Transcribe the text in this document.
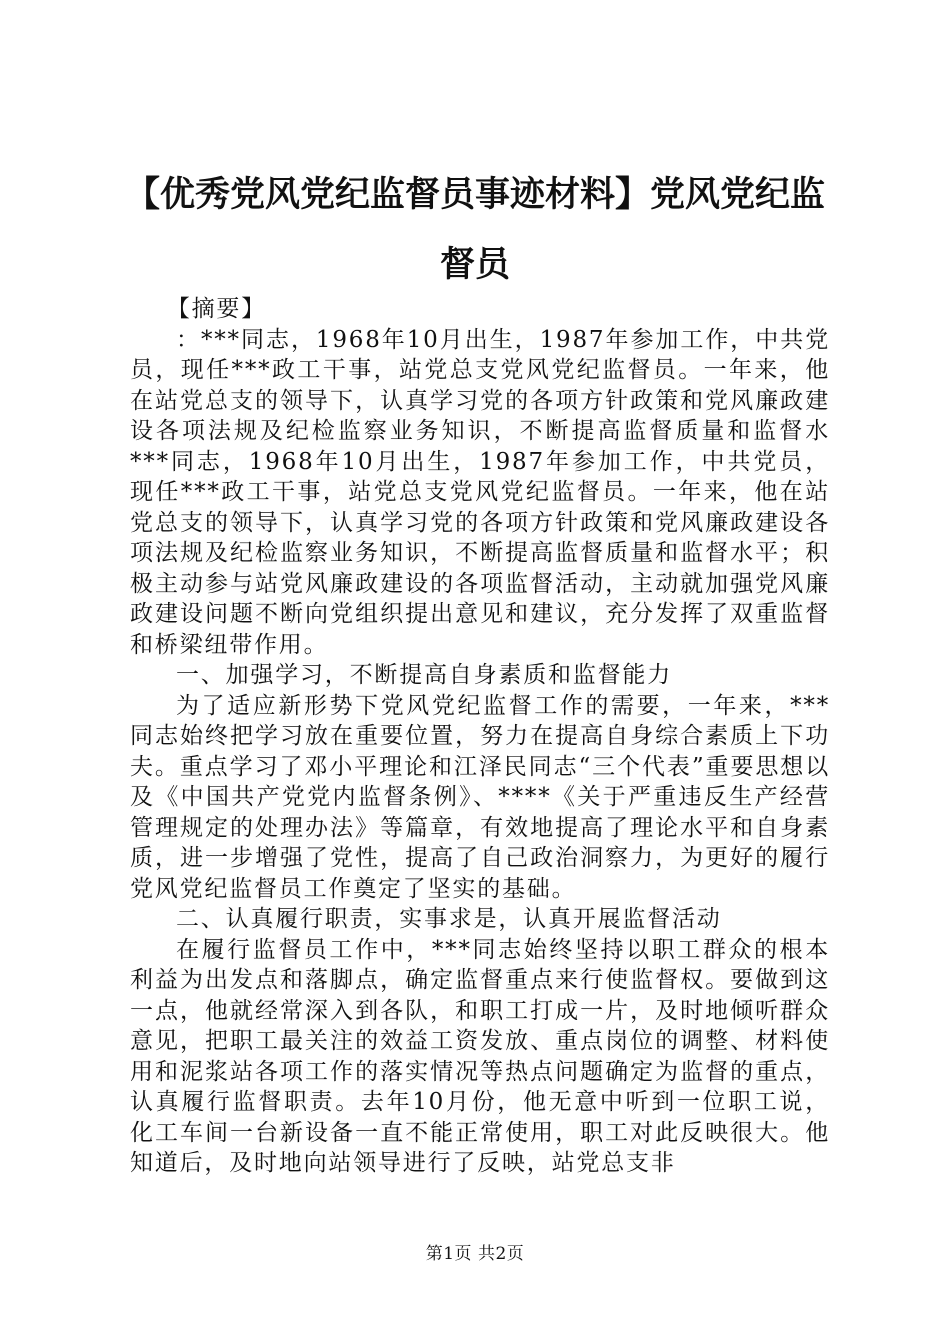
【优秀党风党纪监督员事迹材料】党风党纪监督员

【摘要】

：***同志，1968年10月出生，1987年参加工作，中共党员，现任***政工干事，站党总支党风党纪监督员。一年来，他在站党总支的领导下，认真学习党的各项方针政策和党风廉政建设各项法规及纪检监察业务知识，不断提高监督质量和监督水***同志，1968年10月出生，1987年参加工作，中共党员，现任***政工干事，站党总支党风党纪监督员。一年来，他在站党总支的领导下，认真学习党的各项方针政策和党风廉政建设各项法规及纪检监察业务知识，不断提高监督质量和监督水平；积极主动参与站党风廉政建设的各项监督活动，主动就加强党风廉政建设问题不断向党组织提出意见和建议，充分发挥了双重监督和桥梁纽带作用。

一、加强学习，不断提高自身素质和监督能力

为了适应新形势下党风党纪监督工作的需要，一年来，***同志始终把学习放在重要位置，努力在提高自身综合素质上下功夫。重点学习了邓小平理论和江泽民同志“三个代表”重要思想以及《中国共产党党内监督条例》、****《关于严重违反生产经营管理规定的处理办法》等篇章，有效地提高了理论水平和自身素质，进一步增强了党性，提高了自己政治洞察力，为更好的履行党风党纪监督员工作奠定了坚实的基础。

二、认真履行职责，实事求是，认真开展监督活动

在履行监督员工作中，***同志始终坚持以职工群众的根本利益为出发点和落脚点，确定监督重点来行使监督权。要做到这一点，他就经常深入到各队，和职工打成一片，及时地倾听群众意见，把职工最关注的效益工资发放、重点岗位的调整、材料使用和泥浆站各项工作的落实情况等热点问题确定为监督的重点，认真履行监督职责。去年10月份，他无意中听到一位职工说，化工车间一台新设备一直不能正常使用，职工对此反映很大。他知道后，及时地向站领导进行了反映，站党总支非

第1页 共2页
